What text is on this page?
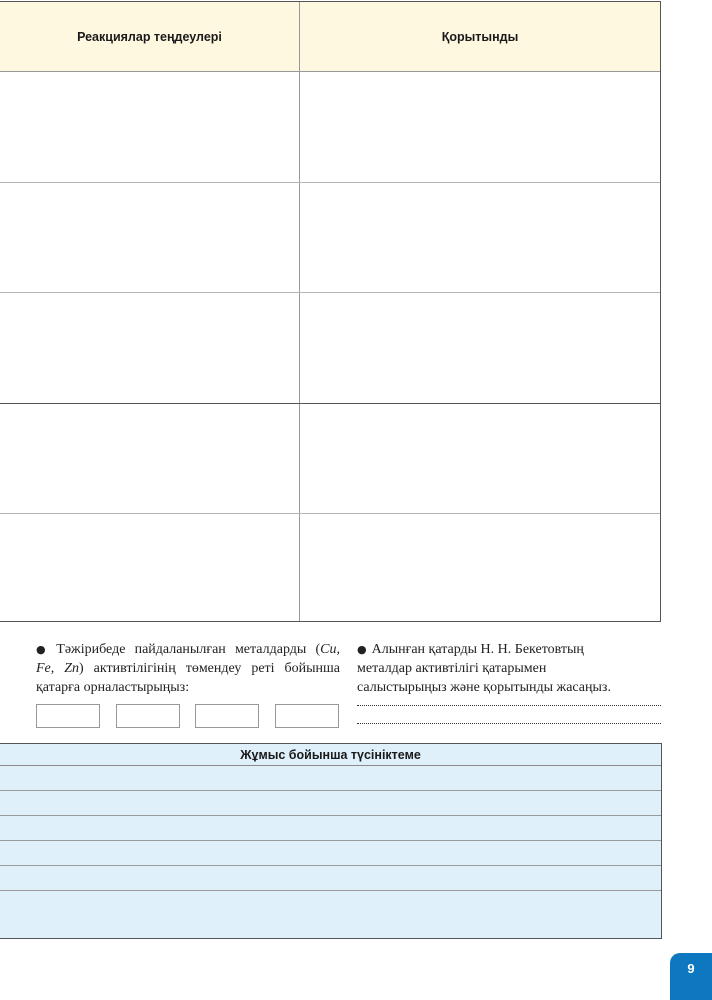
Реакциялар теңдеулері	Қорытынды
● Тәжірибеде пайдаланылған металдарды (Cu,
Fe, Zn) активтілігінің төмендеу реті бойынша
қатарға орналастырыңыз:
● Алынған қатарды Н. Н. Бекетовтың
металдар активтілігі қатарымен
салыстырыңыз және қорытынды жасаңыз.
Жұмыс бойынша түсініктеме
9
